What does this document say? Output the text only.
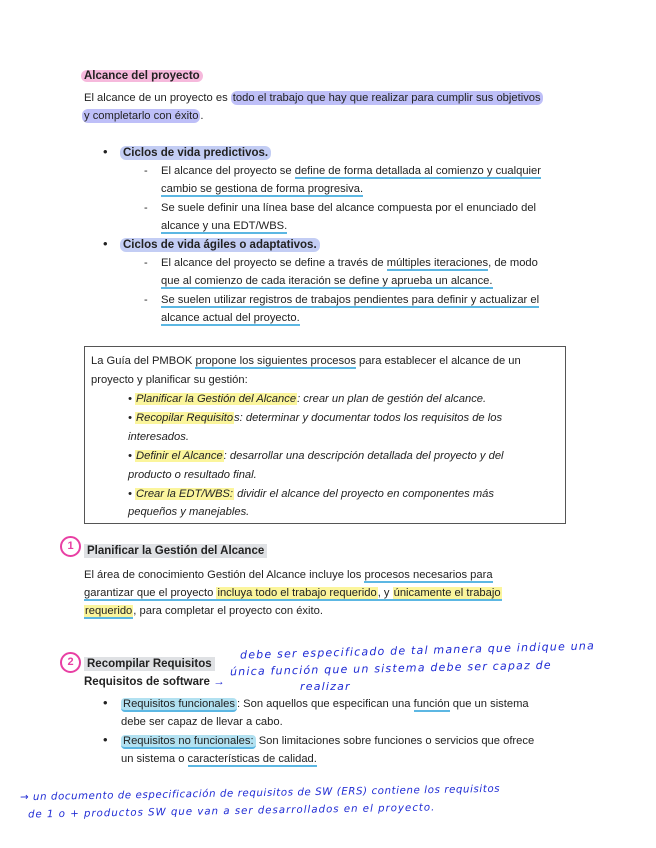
Alcance del proyecto
El alcance de un proyecto es todo el trabajo que hay que realizar para cumplir sus objetivos
y completarlo con éxito .
• Ciclos de vida predictivos.
- El alcance del proyecto se define de forma detallada al comienzo y cualquier
cambio se gestiona de forma progresiva.
- Se suele definir una línea base del alcance compuesta por el enunciado del
alcance y una EDT/WBS.
• Ciclos de vida ágiles o adaptativos.
- El alcance del proyecto se define a través de múltiples iteraciones, de modo
que al comienzo de cada iteración se define y aprueba un alcance.
- Se suelen utilizar registros de trabajos pendientes para definir y actualizar el
alcance actual del proyecto.
La Guía del PMBOK propone los siguientes procesos para establecer el alcance de un
proyecto y planificar su gestión:
• Planificar la Gestión del Alcance: crear un plan de gestión del alcance.
• Recopilar Requisitos: determinar y documentar todos los requisitos de los
interesados.
• Definir el Alcance: desarrollar una descripción detallada del proyecto y del
producto o resultado final.
• Crear la EDT/WBS: dividir el alcance del proyecto en componentes más
pequeños y manejables.
1	Planificar la Gestión del Alcance
El área de conocimiento Gestión del Alcance incluye los procesos necesarios para
garantizar que el proyecto incluya todo el trabajo requerido, y únicamente el trabajo
requerido, para completar el proyecto con éxito.
2	Recompilar Requisitos
Requisitos de software →
• Requisitos funcionales : Son aquellos que especifican una función que un sistema
debe ser capaz de llevar a cabo.
• Requisitos no funcionales: Son limitaciones sobre funciones o servicios que ofrece
un sistema o características de calidad.
debe ser especificado de tal manera que indique una
única función que un sistema debe ser capaz de
realizar
→ un documento de especificación de requisitos de SW (ERS) contiene los requisitos
de 1 o + productos SW que van a ser desarrollados en el proyecto.
